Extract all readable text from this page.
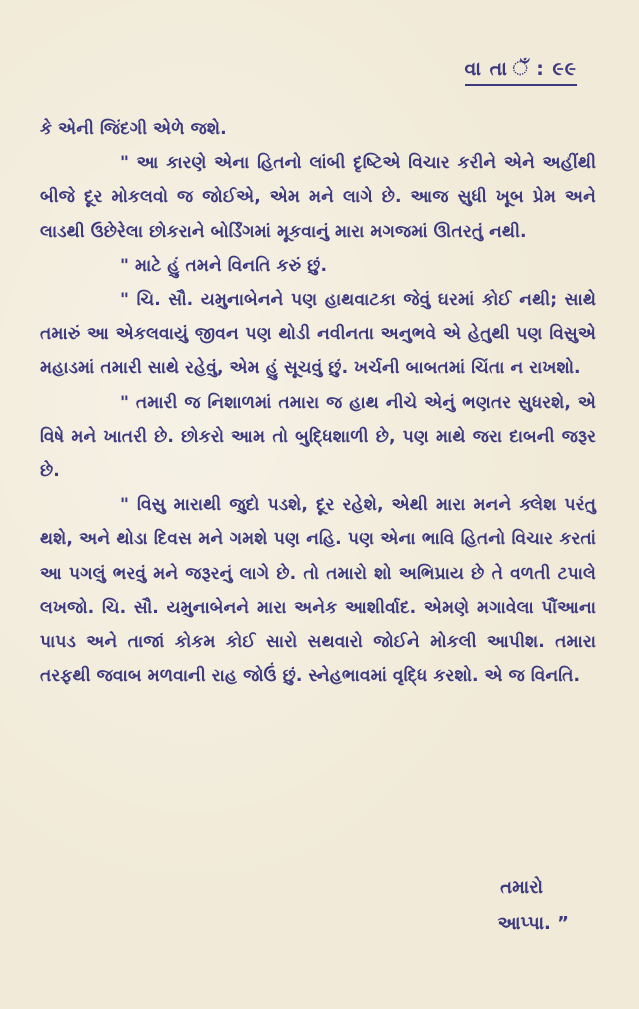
વા તા ઁ : ૯૯

કે એની જિંદગી એળે જશે.

" આ કારણે એના હિતનો લાંબી દૃષ્ટિએ વિચાર કરીને એને અહીંથી બીજે દૂર મોકલવો જ જોઈએ, એમ મને લાગે છે. આજ સુધી ખૂબ પ્રેમ અને લાડથી ઉછેરેલા છોકરાને બોર્ડિંગમાં મૂકવાનું મારા મગજમાં ઊતરતું નથી.

" માટે હું તમને વિનતિ કરું છું.

" ચિ. સૌ. યમુનાબેનને પણ હાથવાટકા જેવું ઘરમાં કોઈ નથી; સાથે તમારું આ એકલવાયું જીવન પણ થોડી નવીનતા અનુભવે એ હેતુથી પણ વિસુએ મહાડમાં તમારી સાથે રહેવું, એમ હું સૂચવું છું. ખર્ચની બાબતમાં ચિંતા ન રાખશો.

" તમારી જ નિશાળમાં તમારા જ હાથ નીચે એનું ભણતર સુધરશે, એ વિષે મને ખાતરી છે. છોકરો આમ તો બુદ્ધિશાળી છે, પણ માથે જરા દાબની જરૂર છે.

" વિસુ મારાથી જુદો પડશે, દૂર રહેશે, એથી મારા મનને ક્લેશ પરંતુ થશે, અને થોડા દિવસ મને ગમશે પણ નહિ. પણ એના ભાવિ હિતનો વિચાર કરતાં આ પગલું ભરવું મને જરૂરનું લાગે છે. તો તમારો શો અભિપ્રાય છે તે વળતી ટપાલે લખજો. ચિ. સૌ. યમુનાબેનને મારા અનેક આશીર્વાદ. એમણે મગાવેલા પૌંઆના પાપડ અને તાજાં કોકમ કોઈ સારો સથવારો જોઈને મોકલી આપીશ. તમારા તરફથી જવાબ મળવાની રાહ જોઉં છું. સ્નેહભાવમાં વૃદ્ધિ કરશો. એ જ વિનતિ.

તમારો
આપ્પા. ”
